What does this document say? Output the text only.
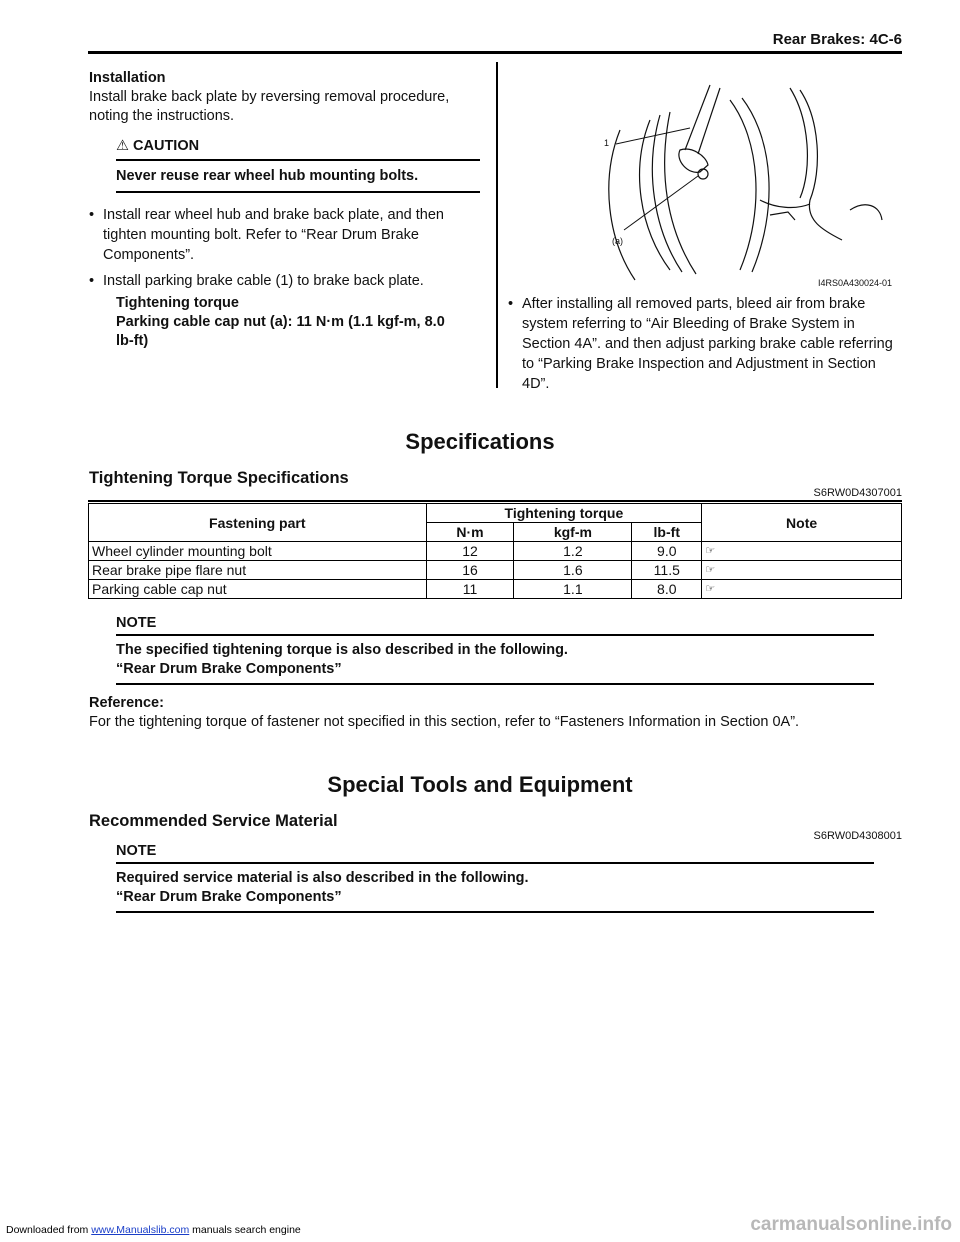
Rear Brakes: 4C-6
Installation
Install brake back plate by reversing removal procedure,
noting the instructions.
⚠ CAUTION
Never reuse rear wheel hub mounting bolts.
• Install rear wheel hub and brake back plate, and then tighten mounting bolt. Refer to “Rear Drum Brake Components”.
• Install parking brake cable (1) to brake back plate.
Tightening torque
Parking cable cap nut (a): 11 N·m (1.1 kgf-m, 8.0
lb-ft)
1
(a)
I4RS0A430024-01
• After installing all removed parts, bleed air from brake system referring to “Air Bleeding of Brake System in Section 4A”. and then adjust parking brake cable referring to “Parking Brake Inspection and Adjustment in Section 4D”.
Specifications
Tightening Torque Specifications
S6RW0D4307001
Fastening part	Tightening torque			Note
	N·m	kgf-m	lb-ft	
Wheel cylinder mounting bolt	12	1.2	9.0	☞
Rear brake pipe flare nut	16	1.6	11.5	☞
Parking cable cap nut	11	1.1	8.0	☞
NOTE
The specified tightening torque is also described in the following.
“Rear Drum Brake Components”
Reference:
For the tightening torque of fastener not specified in this section, refer to “Fasteners Information in Section 0A”.
Special Tools and Equipment
Recommended Service Material
S6RW0D4308001
NOTE
Required service material is also described in the following.
“Rear Drum Brake Components”
Downloaded from www.Manualslib.com manuals search engine	carmanualsonline.info
